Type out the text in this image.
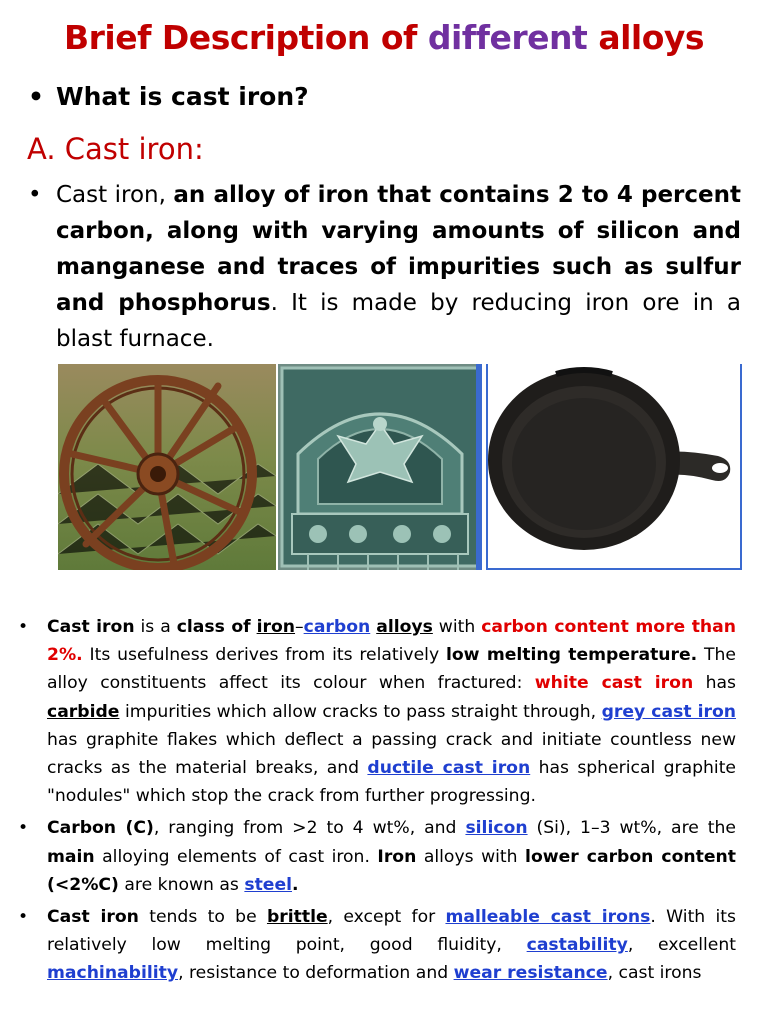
Brief Description of different alloys
• What is cast iron?
A. Cast iron:
• Cast iron, an alloy of iron that contains 2 to 4 percent carbon, along with varying amounts of silicon and manganese and traces of impurities such as sulfur and phosphorus. It is made by reducing iron ore in a blast furnace.
• Cast iron is a class of iron–carbon alloys with carbon content more than 2%. Its usefulness derives from its relatively low melting temperature. The alloy constituents affect its colour when fractured: white cast iron has carbide impurities which allow cracks to pass straight through, grey cast iron has graphite flakes which deflect a passing crack and initiate countless new cracks as the material breaks, and ductile cast iron has spherical graphite "nodules" which stop the crack from further progressing.
• Carbon (C), ranging from >2 to 4 wt%, and silicon (Si), 1–3 wt%, are the main alloying elements of cast iron. Iron alloys with lower carbon content (<2%C) are known as steel.
• Cast iron tends to be brittle, except for malleable cast irons. With its relatively low melting point, good fluidity, castability, excellent machinability, resistance to deformation and wear resistance, cast irons
